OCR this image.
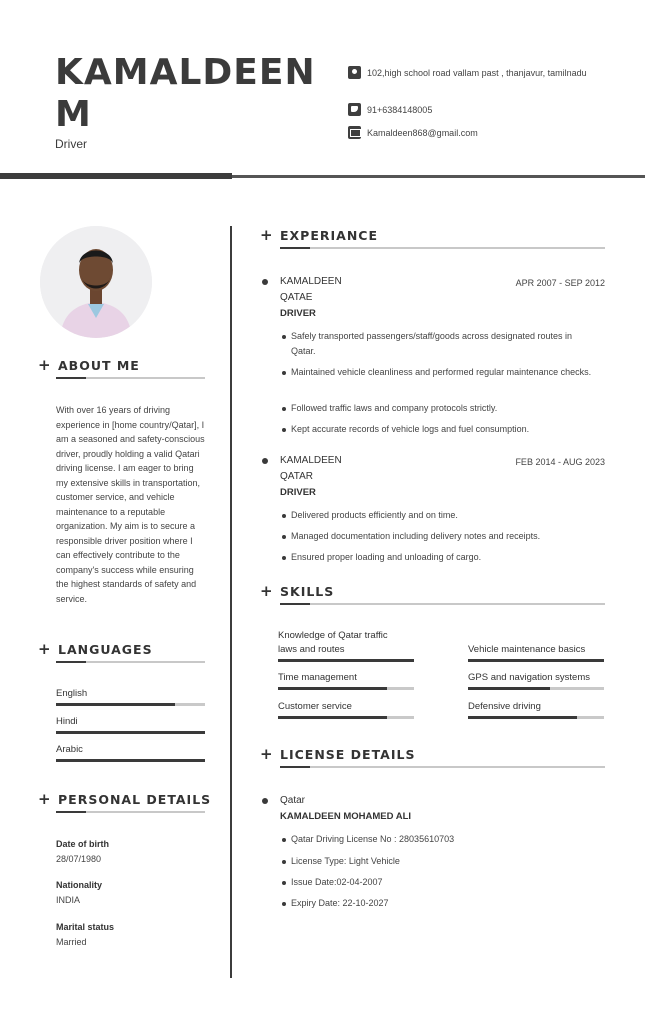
KAMALDEEN M
Driver
102,high school road vallam past , thanjavur, tamilnadu
91+6384148005
Kamaldeen868@gmail.com
+ ABOUT ME
With over 16 years of driving experience in [home country/Qatar], I am a seasoned and safety-conscious driver, proudly holding a valid Qatari driving license. I am eager to bring my extensive skills in transportation, customer service, and vehicle maintenance to a reputable organization. My aim is to secure a responsible driver position where I can effectively contribute to the company's success while ensuring the highest standards of safety and service.
+ LANGUAGES
English
Hindi
Arabic
+ PERSONAL DETAILS
Date of birth
28/07/1980
Nationality
INDIA
Marital status
Married
+ EXPERIANCE
KAMALDEEN	APR 2007 - SEP 2012
QATAE
DRIVER
Safely transported passengers/staff/goods across designated routes in Qatar.
Maintained vehicle cleanliness and performed regular maintenance checks.
Followed traffic laws and company protocols strictly.
Kept accurate records of vehicle logs and fuel consumption.
KAMALDEEN	FEB 2014 - AUG 2023
QATAR
DRIVER
Delivered products efficiently and on time.
Managed documentation including delivery notes and receipts.
Ensured proper loading and unloading of cargo.
+ SKILLS
Knowledge of Qatar traffic laws and routes	Vehicle maintenance basics
Time management	GPS and navigation systems
Customer service	Defensive driving
+ LICENSE DETAILS
Qatar
KAMALDEEN MOHAMED ALI
Qatar Driving License No : 28035610703
License Type: Light Vehicle
Issue Date:02-04-2007
Expiry Date: 22-10-2027
